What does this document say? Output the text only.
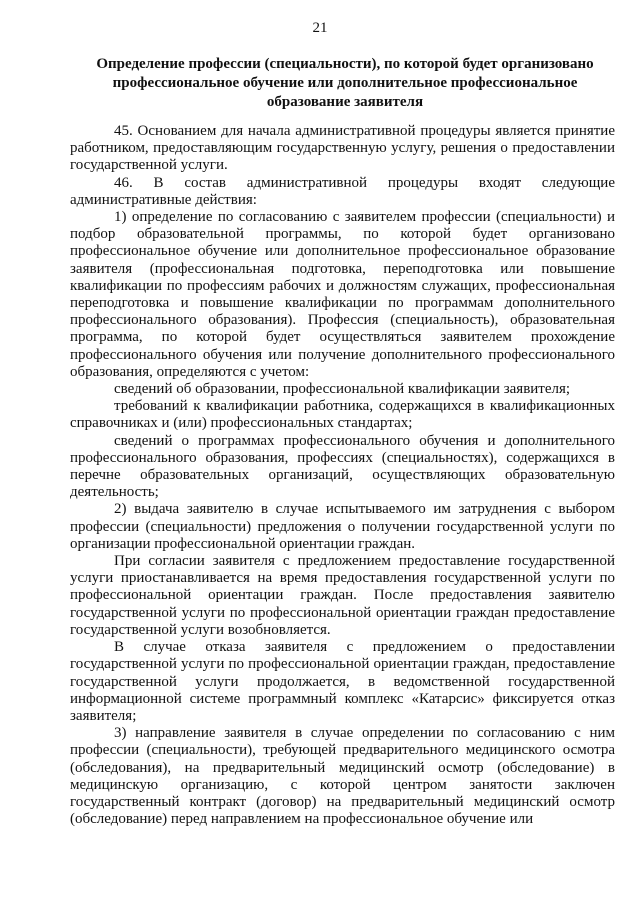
21
Определение профессии (специальности), по которой будет организовано профессиональное обучение или дополнительное профессиональное образование заявителя

45. Основанием для начала административной процедуры является принятие работником, предоставляющим государственную услугу, решения о предоставлении государственной услуги.

46. В состав административной процедуры входят следующие административные действия:

1) определение по согласованию с заявителем профессии (специальности) и подбор образовательной программы, по которой будет организовано профессиональное обучение или дополнительное профессиональное образование заявителя (профессиональная подготовка, переподготовка или повышение квалификации по профессиям рабочих и должностям служащих, профессиональная переподготовка и повышение квалификации по программам дополнительного профессионального образования). Профессия (специальность), образовательная программа, по которой будет осуществляться заявителем прохождение профессионального обучения или получение дополнительного профессионального образования, определяются с учетом:

сведений об образовании, профессиональной квалификации заявителя;

требований к квалификации работника, содержащихся в квалификационных справочниках и (или) профессиональных стандартах;

сведений о программах профессионального обучения и дополнительного профессионального образования, профессиях (специальностях), содержащихся в перечне образовательных организаций, осуществляющих образовательную деятельность;

2) выдача заявителю в случае испытываемого им затруднения с выбором профессии (специальности) предложения о получении государственной услуги по организации профессиональной ориентации граждан.

При согласии заявителя с предложением предоставление государственной услуги приостанавливается на время предоставления государственной услуги по профессиональной ориентации граждан. После предоставления заявителю государственной услуги по профессиональной ориентации граждан предоставление государственной услуги возобновляется.

В случае отказа заявителя с предложением о предоставлении государственной услуги по профессиональной ориентации граждан, предоставление государственной услуги продолжается, в ведомственной государственной информационной системе программный комплекс «Катарсис» фиксируется отказ заявителя;

3) направление заявителя в случае определении по согласованию с ним профессии (специальности), требующей предварительного медицинского осмотра (обследования), на предварительный медицинский осмотр (обследование) в медицинскую организацию, с которой центром занятости заключен государственный контракт (договор) на предварительный медицинский осмотр (обследование) перед направлением на профессиональное обучение или
